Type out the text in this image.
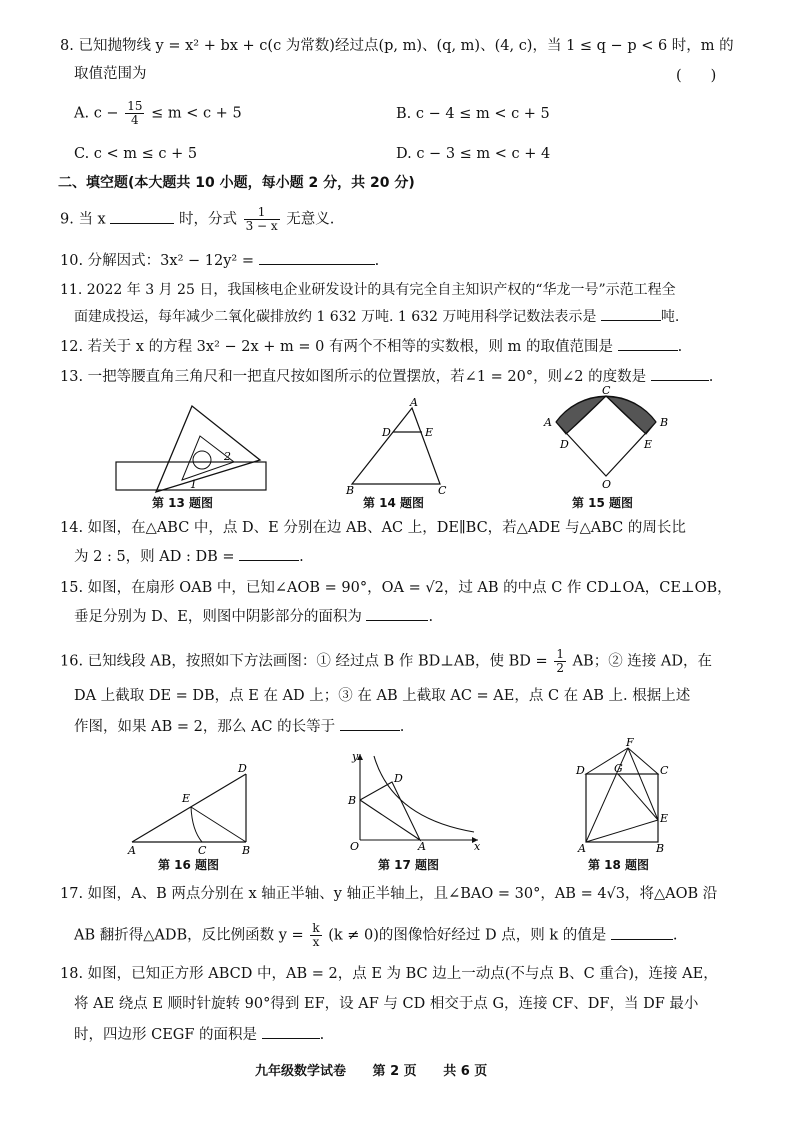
8. 已知抛物线 y = x² + bx + c(c 为常数)经过点(p, m)、(q, m)、(4, c)，当 1 ≤ q − p < 6 时，m 的
取值范围为	(　　)
A. $c - \frac{15}{4} \le m < c + 5$	B. c − 4 ≤ m < c + 5
C. c < m ≤ c + 5	D. c − 3 ≤ m < c + 4
二、填空题(本大题共 10 小题，每小题 2 分，共 20 分)
9. 当 x	时，分式 $\frac{1}{3 - x}$ 无意义.
10. 分解因式：3x² − 12y² =	.
11. 2022 年 3 月 25 日，我国核电企业研发设计的具有完全自主知识产权的“华龙一号”示范工程全
面建成投运，每年减少二氧化碳排放约 1 632 万吨. 1 632 万吨用科学记数法表示是	吨.
12. 若关于 x 的方程 3x² − 2x + m = 0 有两个不相等的实数根，则 m 的取值范围是	.
13. 一把等腰直角三角尺和一把直尺按如图所示的位置摆放，若∠1 = 20°，则∠2 的度数是	.
2
1
第 13 题图
A
D	E
B	C
第 14 题图
C
A	B
D	E
O
第 15 题图
14. 如图，在△ABC 中，点 D、E 分别在边 AB、AC 上，DE∥BC，若△ADE 与△ABC 的周长比
为 2 : 5，则 AD : DB =	.
15. 如图，在扇形 OAB 中，已知∠AOB = 90°，OA = √2，过 AB 的中点 C 作 CD⊥OA，CE⊥OB，
垂足分别为 D、E，则图中阴影部分的面积为	.
16. 已知线段 AB，按照如下方法画图：① 经过点 B 作 BD⊥AB，使 BD = $\frac{1}{2}$ AB；② 连接 AD，在
DA 上截取 DE = DB，点 E 在 AD 上；③ 在 AB 上截取 AC = AE，点 C 在 AB 上. 根据上述
作图，如果 AB = 2，那么 AC 的长等于	.
D
E
A	C	B
第 16 题图
y
D
B
O	A	x
第 17 题图
F
D	G	C
E
A	B
第 18 题图
17. 如图，A、B 两点分别在 x 轴正半轴、y 轴正半轴上，且∠BAO = 30°，AB = 4√3，将△AOB 沿
AB 翻折得△ADB，反比例函数 $y = \frac{k}{x} (k \ne 0)$的图像恰好经过 D 点，则 k 的值是	.
18. 如图，已知正方形 ABCD 中，AB = 2，点 E 为 BC 边上一动点(不与点 B、C 重合)，连接 AE，
将 AE 绕点 E 顺时针旋转 90°得到 EF，设 AF 与 CD 相交于点 G，连接 CF、DF，当 DF 最小
时，四边形 CEGF 的面积是	.
九年级数学试卷 第 2 页 共 6 页
